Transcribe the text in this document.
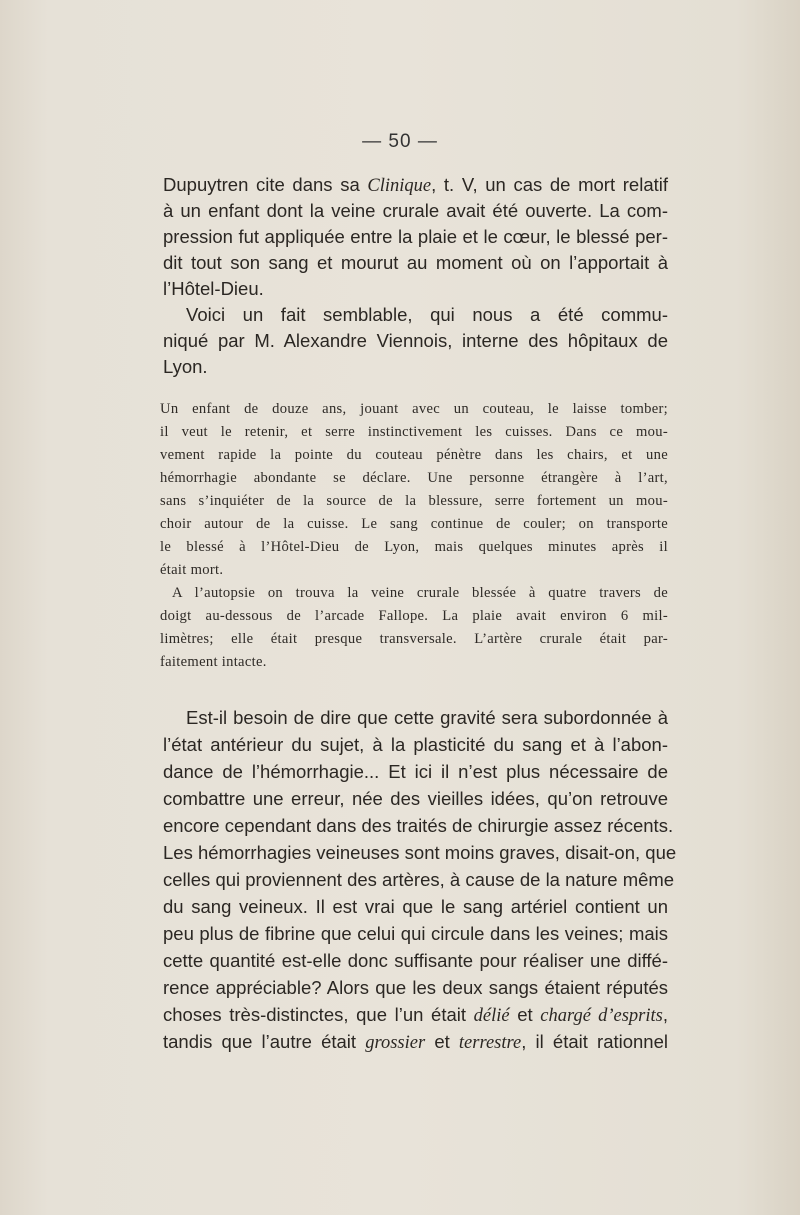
— 50 —
Dupuytren cite dans sa Clinique, t. V, un cas de mort relatif
à un enfant dont la veine crurale avait été ouverte. La com-
pression fut appliquée entre la plaie et le cœur, le blessé per-
dit tout son sang et mourut au moment où on l’apportait à
l’Hôtel-Dieu.
Voici un fait semblable, qui nous a été commu-
niqué par M. Alexandre Viennois, interne des hôpitaux de
Lyon.
Un enfant de douze ans, jouant avec un couteau, le laisse tomber;
il veut le retenir, et serre instinctivement les cuisses. Dans ce mou-
vement rapide la pointe du couteau pénètre dans les chairs, et une
hémorrhagie abondante se déclare. Une personne étrangère à l’art,
sans s’inquiéter de la source de la blessure, serre fortement un mou-
choir autour de la cuisse. Le sang continue de couler; on transporte
le blessé à l’Hôtel-Dieu de Lyon, mais quelques minutes après il
était mort.
A l’autopsie on trouva la veine crurale blessée à quatre travers de
doigt au-dessous de l’arcade Fallope. La plaie avait environ 6 mil-
limètres; elle était presque transversale. L’artère crurale était par-
faitement intacte.
Est-il besoin de dire que cette gravité sera subordonnée à
l’état antérieur du sujet, à la plasticité du sang et à l’abon-
dance de l’hémorrhagie... Et ici il n’est plus nécessaire de
combattre une erreur, née des vieilles idées, qu’on retrouve
encore cependant dans des traités de chirurgie assez récents.
Les hémorrhagies veineuses sont moins graves, disait-on, que
celles qui proviennent des artères, à cause de la nature même
du sang veineux. Il est vrai que le sang artériel contient un
peu plus de fibrine que celui qui circule dans les veines; mais
cette quantité est-elle donc suffisante pour réaliser une diffé-
rence appréciable? Alors que les deux sangs étaient réputés
choses très-distinctes, que l’un était délié et chargé d’esprits,
tandis que l’autre était grossier et terrestre, il était rationnel
